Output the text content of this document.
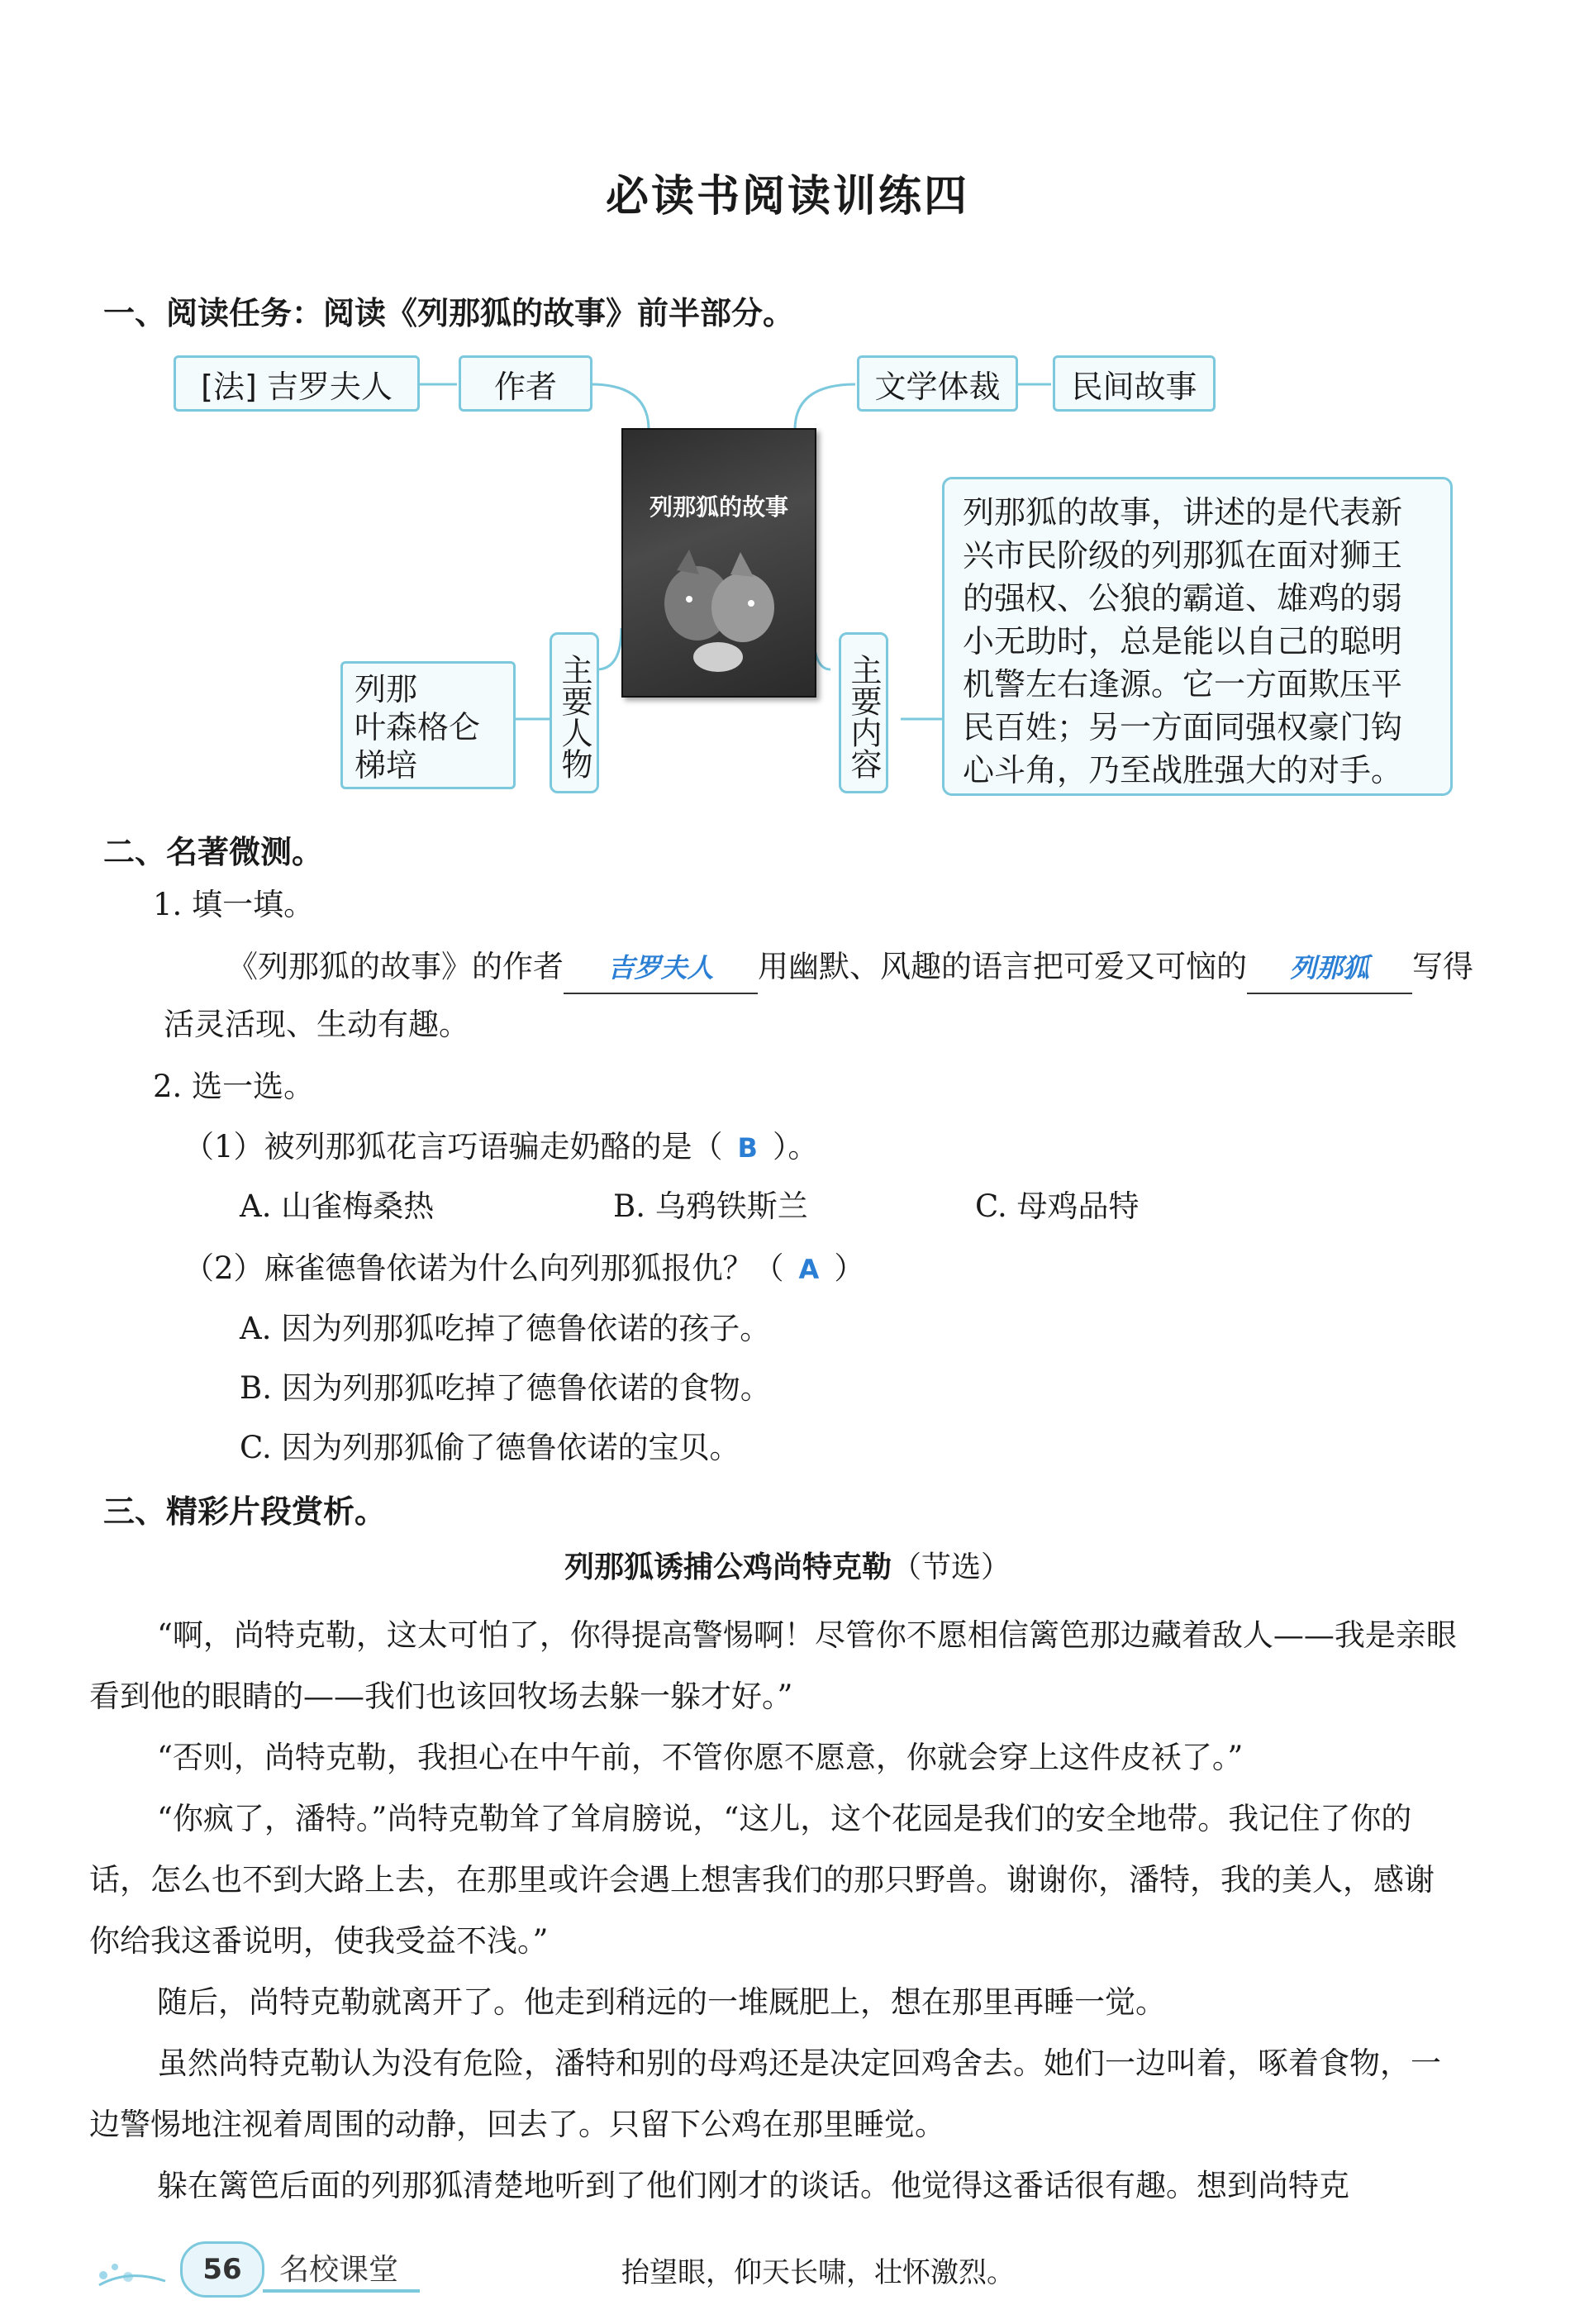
必读书阅读训练四
一、阅读任务：阅读《列那狐的故事》前半部分。
[法] 吉罗夫人	作者	文学体裁 民间故事
列那狐的故事
列那
叶森格仑
梯培	主要人物	主要内容
列那狐的故事，讲述的是代表新兴市民阶级的列那狐在面对狮王的强权、公狼的霸道、雄鸡的弱小无助时，总是能以自己的聪明机警左右逢源。它一方面欺压平民百姓；另一方面同强权豪门钩心斗角，乃至战胜强大的对手。
二、名著微测。
1. 填一填。
《列那狐的故事》的作者 吉罗夫人 用幽默、风趣的语言把可爱又可恼的 列那狐 写得
活灵活现、生动有趣。
2. 选一选。
（1）被列那狐花言巧语骗走奶酪的是（ B ）。
A. 山雀梅桑热	B. 乌鸦铁斯兰	C. 母鸡品特
（2）麻雀德鲁依诺为什么向列那狐报仇？（ A ）
A. 因为列那狐吃掉了德鲁依诺的孩子。
B. 因为列那狐吃掉了德鲁依诺的食物。
C. 因为列那狐偷了德鲁依诺的宝贝。
三、精彩片段赏析。
列那狐诱捕公鸡尚特克勒（节选）
“啊，尚特克勒，这太可怕了，你得提高警惕啊！尽管你不愿相信篱笆那边藏着敌人——我是亲眼看到他的眼睛的——我们也该回牧场去躲一躲才好。”
“否则，尚特克勒，我担心在中午前，不管你愿不愿意，你就会穿上这件皮袄了。”
“你疯了，潘特。”尚特克勒耸了耸肩膀说，“这儿，这个花园是我们的安全地带。我记住了你的话，怎么也不到大路上去，在那里或许会遇上想害我们的那只野兽。谢谢你，潘特，我的美人，感谢你给我这番说明，使我受益不浅。”
随后，尚特克勒就离开了。他走到稍远的一堆厩肥上，想在那里再睡一觉。
虽然尚特克勒认为没有危险，潘特和别的母鸡还是决定回鸡舍去。她们一边叫着，啄着食物，一边警惕地注视着周围的动静，回去了。只留下公鸡在那里睡觉。
躲在篱笆后面的列那狐清楚地听到了他们刚才的谈话。他觉得这番话很有趣。想到尚特克
56	名校课堂	抬望眼，仰天长啸，壮怀激烈。
